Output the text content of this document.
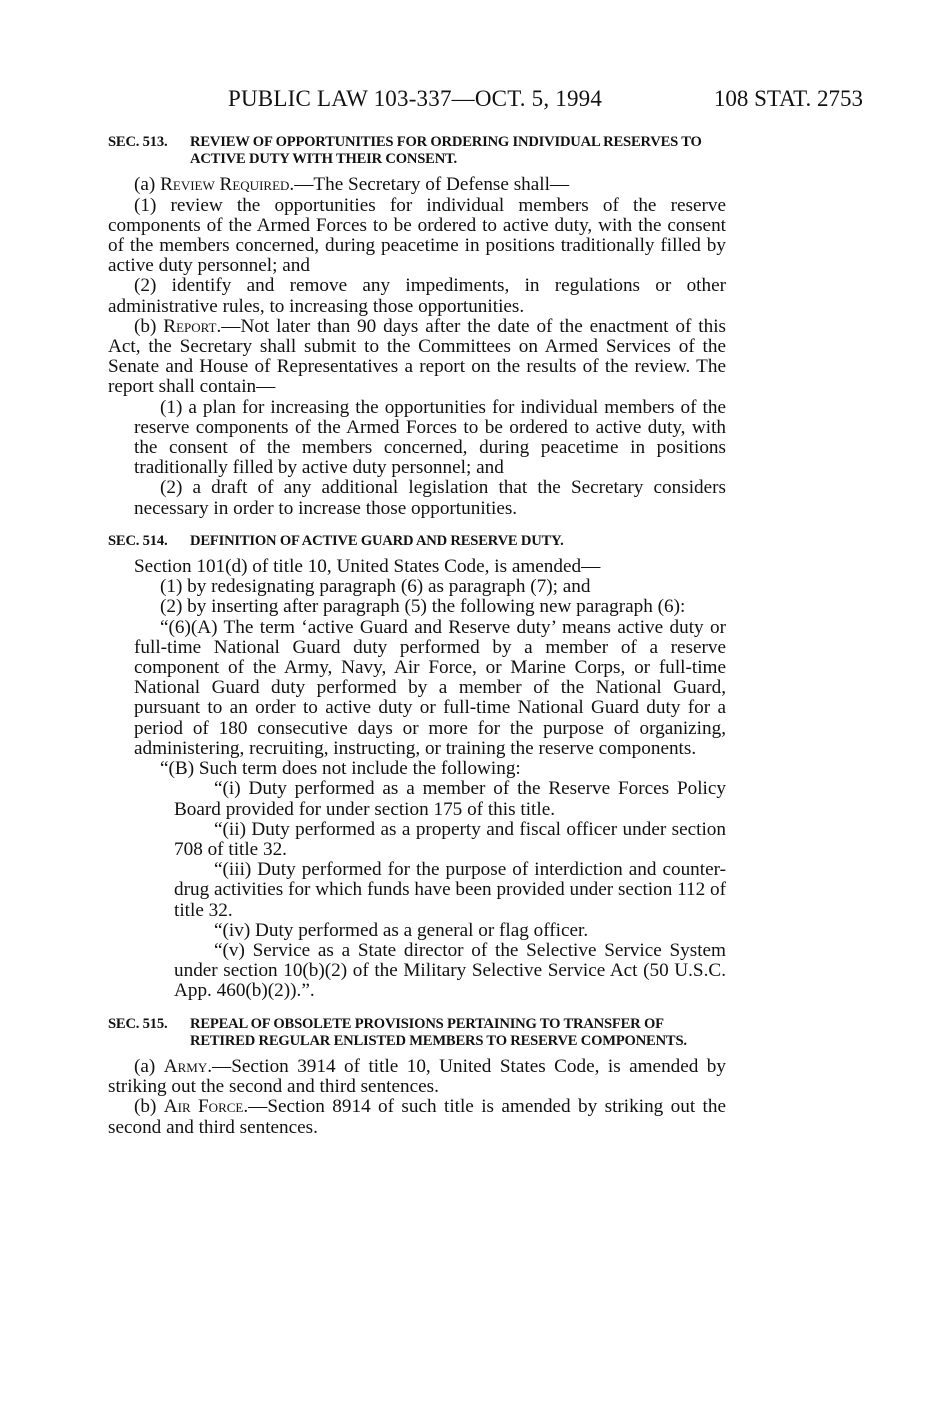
PUBLIC LAW 103-337—OCT. 5, 1994	108 STAT. 2753
SEC. 513. REVIEW OF OPPORTUNITIES FOR ORDERING INDIVIDUAL RESERVES TO ACTIVE DUTY WITH THEIR CONSENT.

(a) Review Required.—The Secretary of Defense shall—

(1) review the opportunities for individual members of the reserve components of the Armed Forces to be ordered to active duty, with the consent of the members concerned, during peacetime in positions traditionally filled by active duty personnel; and

(2) identify and remove any impediments, in regulations or other administrative rules, to increasing those opportunities.

(b) Report.—Not later than 90 days after the date of the enactment of this Act, the Secretary shall submit to the Committees on Armed Services of the Senate and House of Representatives a report on the results of the review. The report shall contain—

(1) a plan for increasing the opportunities for individual members of the reserve components of the Armed Forces to be ordered to active duty, with the consent of the members concerned, during peacetime in positions traditionally filled by active duty personnel; and

(2) a draft of any additional legislation that the Secretary considers necessary in order to increase those opportunities.

SEC. 514. DEFINITION OF ACTIVE GUARD AND RESERVE DUTY.

Section 101(d) of title 10, United States Code, is amended—

(1) by redesignating paragraph (6) as paragraph (7); and

(2) by inserting after paragraph (5) the following new paragraph (6):

“(6)(A) The term ‘active Guard and Reserve duty’ means active duty or full-time National Guard duty performed by a member of a reserve component of the Army, Navy, Air Force, or Marine Corps, or full-time National Guard duty performed by a member of the National Guard, pursuant to an order to active duty or full-time National Guard duty for a period of 180 consecutive days or more for the purpose of organizing, administering, recruiting, instructing, or training the reserve components.

“(B) Such term does not include the following:

“(i) Duty performed as a member of the Reserve Forces Policy Board provided for under section 175 of this title.

“(ii) Duty performed as a property and fiscal officer under section 708 of title 32.

“(iii) Duty performed for the purpose of interdiction and counter-drug activities for which funds have been provided under section 112 of title 32.

“(iv) Duty performed as a general or flag officer.

“(v) Service as a State director of the Selective Service System under section 10(b)(2) of the Military Selective Service Act (50 U.S.C. App. 460(b)(2)).”.

SEC. 515. REPEAL OF OBSOLETE PROVISIONS PERTAINING TO TRANSFER OF RETIRED REGULAR ENLISTED MEMBERS TO RESERVE COMPONENTS.

(a) Army.—Section 3914 of title 10, United States Code, is amended by striking out the second and third sentences.

(b) Air Force.—Section 8914 of such title is amended by striking out the second and third sentences.
